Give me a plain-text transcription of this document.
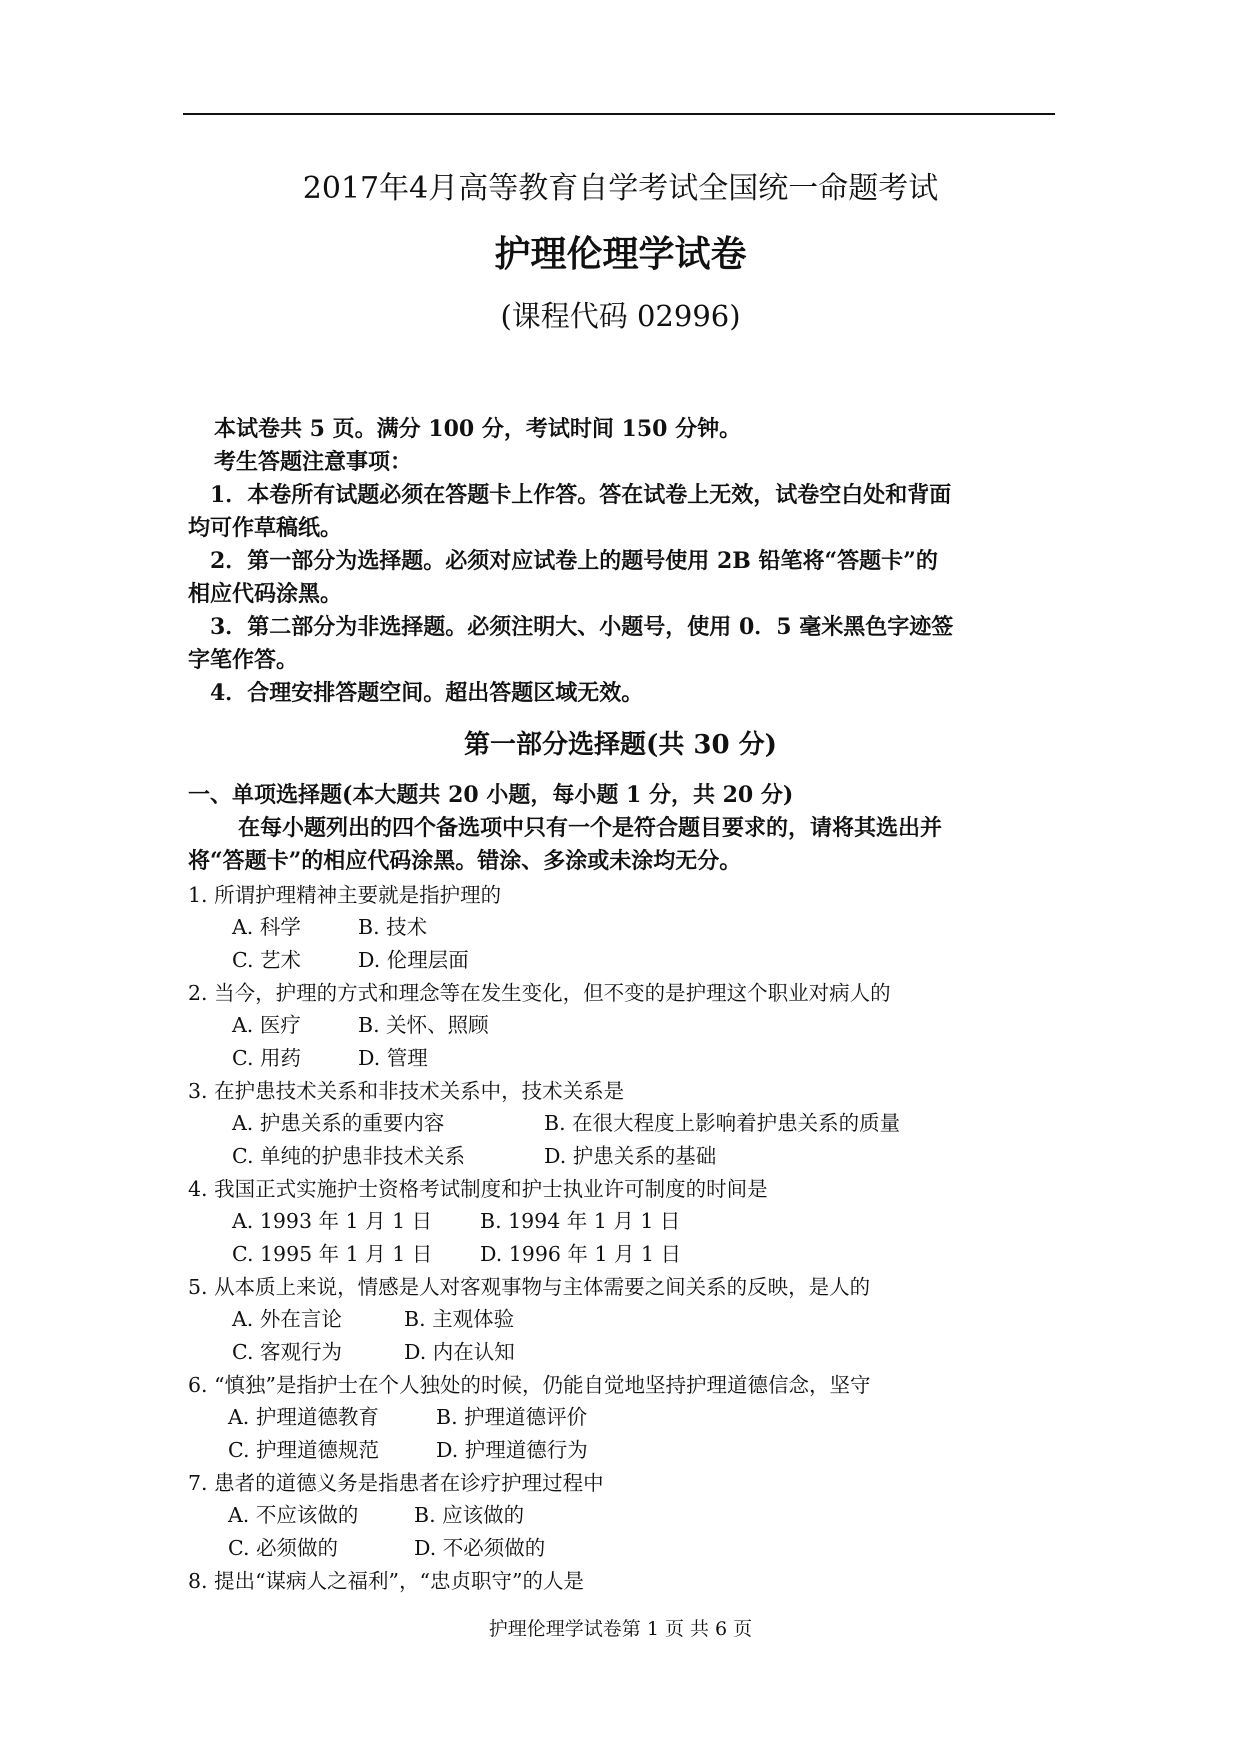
2017年4月高等教育自学考试全国统一命题考试
护理伦理学试卷
(课程代码 02996)
本试卷共 5 页。满分 100 分，考试时间 150 分钟。
考生答题注意事项：
1．本卷所有试题必须在答题卡上作答。答在试卷上无效，试卷空白处和背面
均可作草稿纸。
2．第一部分为选择题。必须对应试卷上的题号使用 2B 铅笔将“答题卡”的
相应代码涂黑。
3．第二部分为非选择题。必须注明大、小题号，使用 0．5 毫米黑色字迹签
字笔作答。
4．合理安排答题空间。超出答题区域无效。
第一部分选择题(共 30 分)
一、单项选择题(本大题共 20 小题，每小题 1 分，共 20 分)
在每小题列出的四个备选项中只有一个是符合题目要求的，请将其选出并
将“答题卡”的相应代码涂黑。错涂、多涂或未涂均无分。
1. 所谓护理精神主要就是指护理的
A. 科学	B. 技术
C. 艺术	D. 伦理层面
2. 当今，护理的方式和理念等在发生变化，但不变的是护理这个职业对病人的
A. 医疗	B. 关怀、照顾
C. 用药	D. 管理
3. 在护患技术关系和非技术关系中，技术关系是
A. 护患关系的重要内容	B. 在很大程度上影响着护患关系的质量
C. 单纯的护患非技术关系	D. 护患关系的基础
4. 我国正式实施护士资格考试制度和护士执业许可制度的时间是
A. 1993 年 1 月 1 日 B. 1994 年 1 月 1 日
C. 1995 年 1 月 1 日 D. 1996 年 1 月 1 日
5. 从本质上来说，情感是人对客观事物与主体需要之间关系的反映，是人的
A. 外在言论	B. 主观体验
C. 客观行为	D. 内在认知
6. “慎独”是指护士在个人独处的时候，仍能自觉地坚持护理道德信念，坚守
A. 护理道德教育	B. 护理道德评价
C. 护理道德规范	D. 护理道德行为
7. 患者的道德义务是指患者在诊疗护理过程中
A. 不应该做的	B. 应该做的
C. 必须做的	D. 不必须做的
8. 提出“谋病人之福利”，“忠贞职守”的人是
护理伦理学试卷第 1 页 共 6 页
